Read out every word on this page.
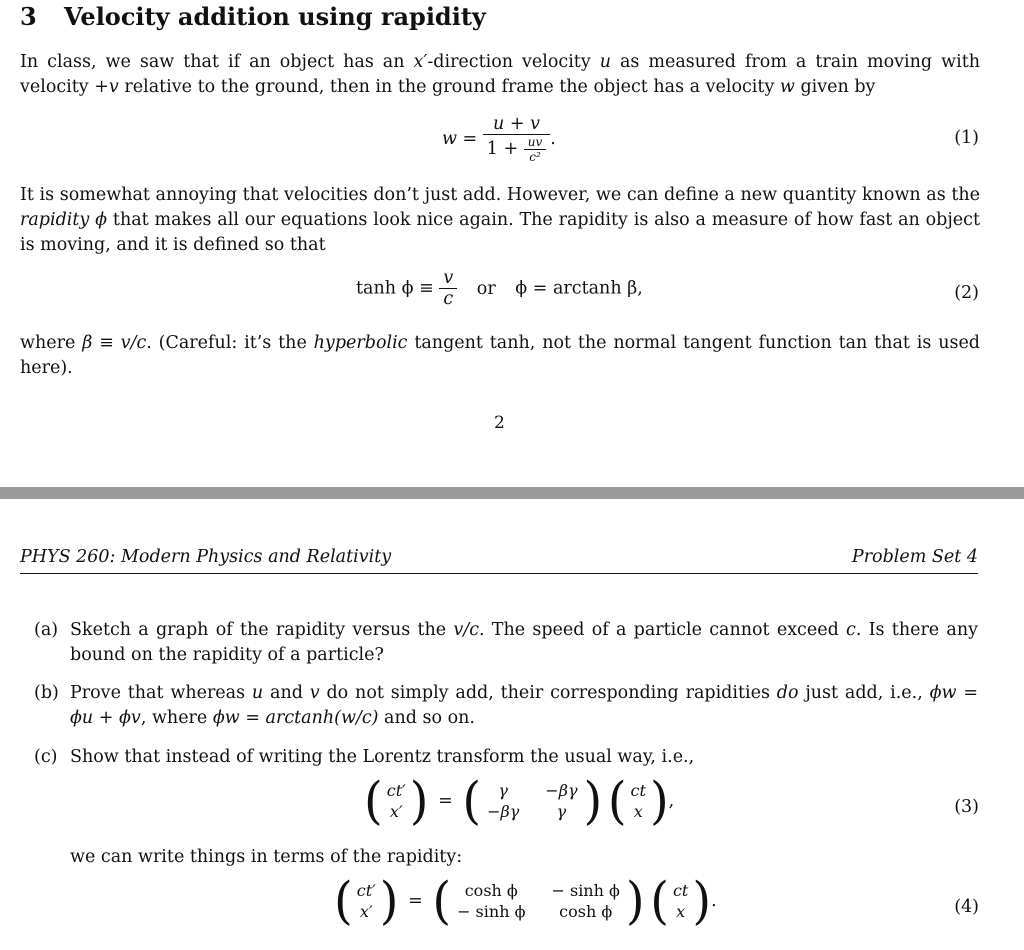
3 Velocity addition using rapidity
In class, we saw that if an object has an x′-direction velocity u as measured from a train moving with velocity +v relative to the ground, then in the ground frame the object has a velocity w given by
$w = \frac{u + v}{1 + \frac{uv}{\text{c²}}}$ .	(1)
It is somewhat annoying that velocities don’t just add. However, we can define a new quantity known as the rapidity ϕ that makes all our equations look nice again. The rapidity is also a measure of how fast an object is moving, and it is defined so that
$\tanh \phi \equiv \frac{v}{c}$ or ϕ = arctanh β,	(2)
where β ≡ v/c. (Careful: it’s the hyperbolic tangent tanh, not the normal tangent function tan that is used here).
2
PHYS 260: Modern Physics and Relativity	Problem Set 4
(a) Sketch a graph of the rapidity versus the v/c. The speed of a particle cannot exceed c. Is there any bound on the rapidity of a particle?
(b) Prove that whereas u and v do not simply add, their corresponding rapidities do just add, i.e., ϕw = ϕu + ϕv, where ϕw = arctanh(w/c) and so on.
(c) Show that instead of writing the Lorentz transform the usual way, i.e.,
( ct′
x′ ) = (	γ	−βγ
−βγ	γ )
( ct
x ) ,	(3)
we can write things in terms of the rapidity:
( ct′
x′ ) = ( cosh ϕ	− sinh ϕ
− sinh ϕ	cosh ϕ )
( ct
x ) .	(4)
